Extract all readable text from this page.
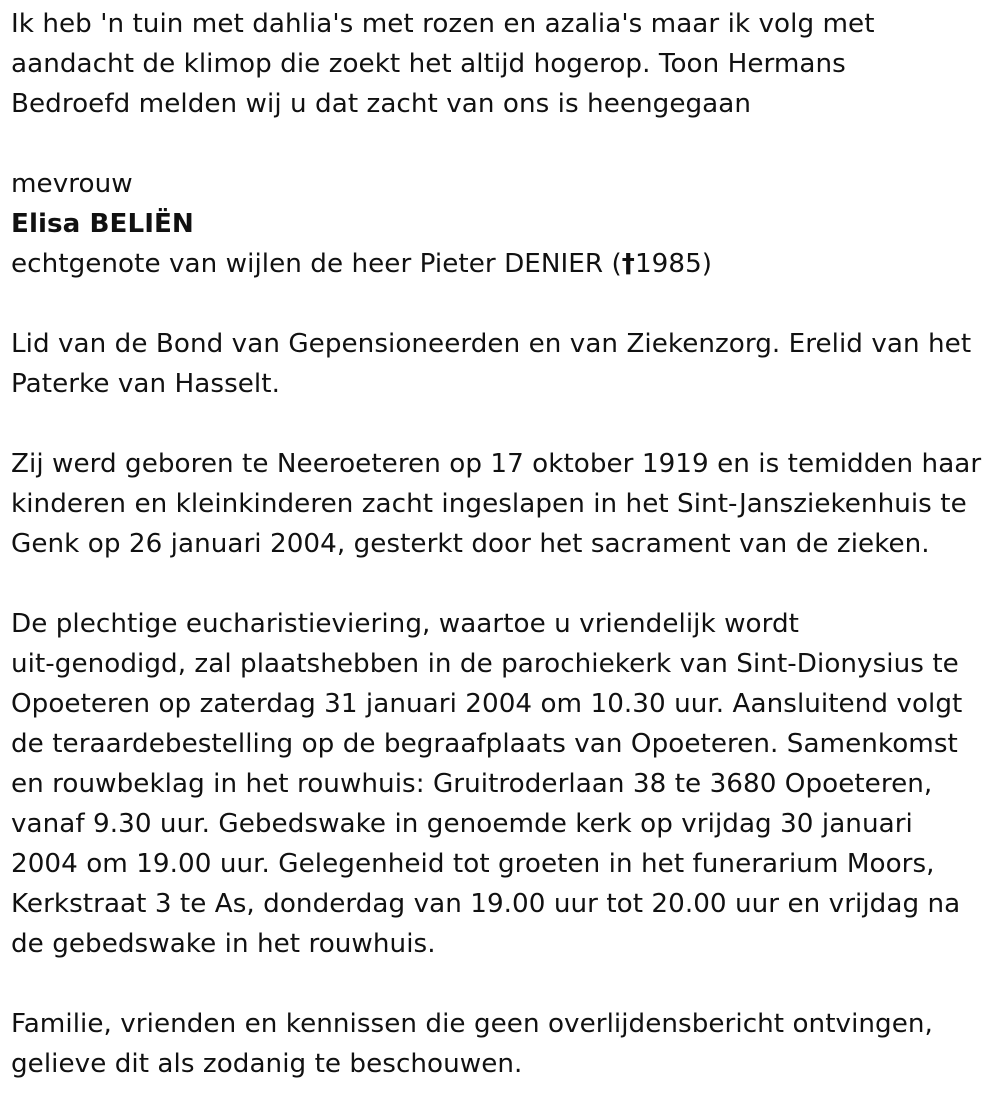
Ik heb 'n tuin met dahlia's met rozen en azalia's maar ik volg met
aandacht de klimop die zoekt het altijd hogerop. Toon Hermans
Bedroefd melden wij u dat zacht van ons is heengegaan
mevrouw
Elisa BELIËN
echtgenote van wijlen de heer Pieter DENIER (†1985)
Lid van de Bond van Gepensioneerden en van Ziekenzorg. Erelid van het
Paterke van Hasselt.
Zij werd geboren te Neeroeteren op 17 oktober 1919 en is temidden haar
kinderen en kleinkinderen zacht ingeslapen in het Sint-Jansziekenhuis te
Genk op 26 januari 2004, gesterkt door het sacrament van de zieken.
De plechtige eucharistieviering, waartoe u vriendelijk wordt
uit-genodigd, zal plaatshebben in de parochiekerk van Sint-Dionysius te
Opoeteren op zaterdag 31 januari 2004 om 10.30 uur. Aansluitend volgt
de teraardebestelling op de begraafplaats van Opoeteren. Samenkomst
en rouwbeklag in het rouwhuis: Gruitroderlaan 38 te 3680 Opoeteren,
vanaf 9.30 uur. Gebedswake in genoemde kerk op vrijdag 30 januari
2004 om 19.00 uur. Gelegenheid tot groeten in het funerarium Moors,
Kerkstraat 3 te As, donderdag van 19.00 uur tot 20.00 uur en vrijdag na
de gebedswake in het rouwhuis.
Familie, vrienden en kennissen die geen overlijdensbericht ontvingen,
gelieve dit als zodanig te beschouwen.
